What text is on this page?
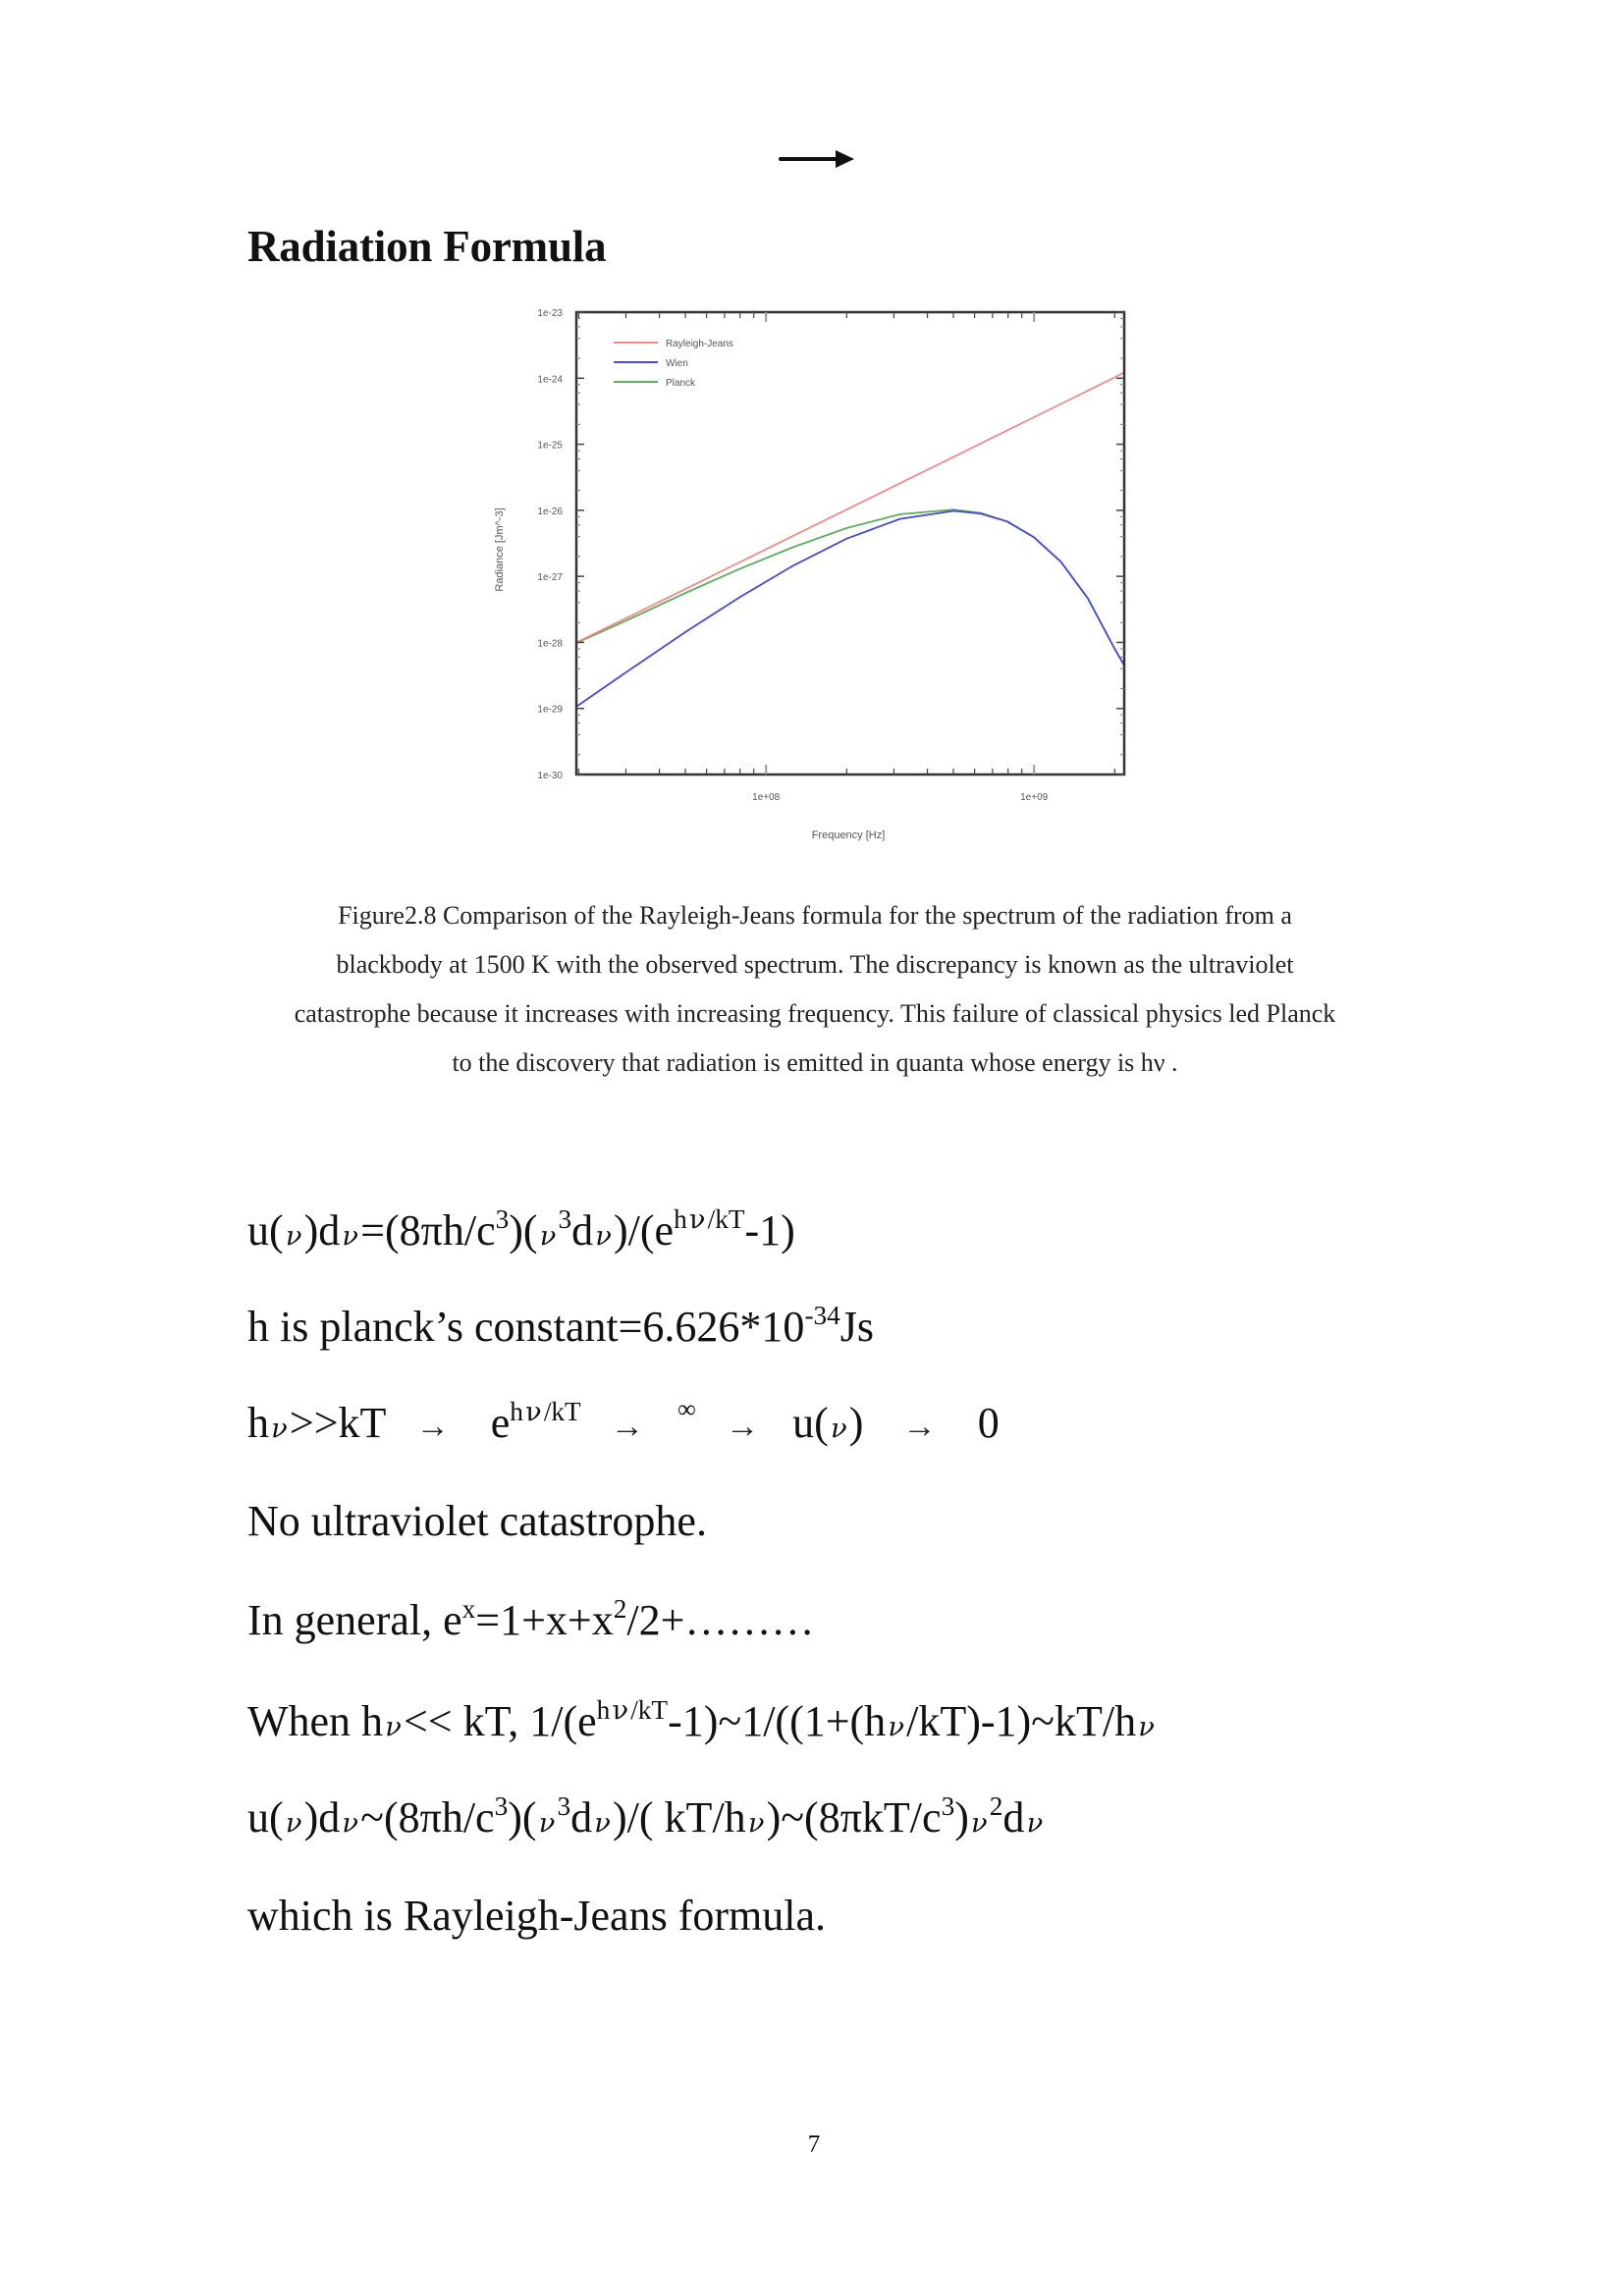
Radiation Formula
1e-23
1e-24
1e-25
1e-26
1e-27
1e-28
1e-29
1e-30
1e+08	1e+09
Rayleigh-Jeans
Wien
Planck
Frequency [Hz]
Radiance [Jm^-3]
Figure2.8 Comparison of the Rayleigh-Jeans formula for the spectrum of the radiation from a
blackbody at 1500 K with the observed spectrum. The discrepancy is known as the ultraviolet
catastrophe because it increases with increasing frequency. This failure of classical physics led Planck
to the discovery that radiation is emitted in quanta whose energy is hν .
$u(\nu)d\nu=(8\pi h/c^3)(\nu^3d\nu)/(e^{h\nu/kT}-1)$
h is planck’s $constant=6.626*10^{-34}Js$
$h\nu>>kT \to e^{h\nu/kT} \to ^\infty \to u(\nu) \to 0$
No ultraviolet catastrophe.
In general, $e^x=1+x+x^2/2+\dots\dots\dots$
When hν<< kT, $1/(e^{h\nu/kT}-1)\sim 1/((1+(h\nu/kT)-1)\sim kT/h\nu$
$u(\nu)d\nu\sim(8\pi h/c^3)(\nu^3d\nu)/$( $kT/h\nu)\sim(8\pi kT/c^3)\nu^2d\nu$
which is Rayleigh-Jeans formula.
7
